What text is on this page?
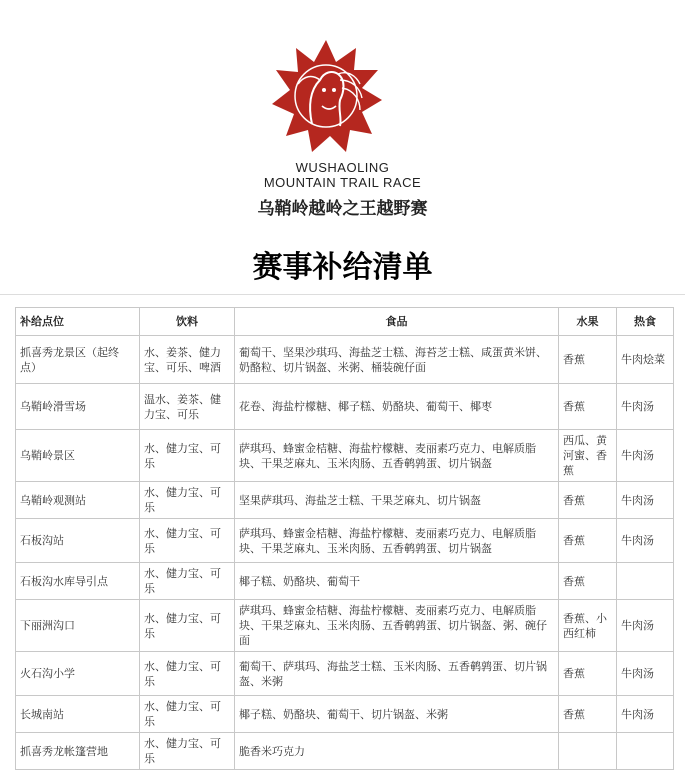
WUSHAOLING
MOUNTAIN TRAIL RACE
乌鞘岭越岭之王越野赛
赛事补给清单
补给点位	饮料	食品	水果	热食
抓喜秀龙景区（起终点）	水、姜茶、健力宝、可乐、啤酒	葡萄干、坚果沙琪玛、海盐芝士糕、海苔芝士糕、咸蛋黄米饼、奶酪粒、切片锅盔、米粥、桶装碗仔面	香蕉	牛肉烩菜
乌鞘岭滑雪场	温水、姜茶、健力宝、可乐	花卷、海盐柠檬糖、椰子糕、奶酪块、葡萄干、椰枣	香蕉	牛肉汤
乌鞘岭景区	水、健力宝、可乐	萨琪玛、蜂蜜金桔糖、海盐柠檬糖、麦丽素巧克力、电解质脂块、干果芝麻丸、玉米肉肠、五香鹌鹑蛋、切片锅盔	西瓜、黄河蜜、香蕉	牛肉汤
乌鞘岭观测站	水、健力宝、可乐	坚果萨琪玛、海盐芝士糕、干果芝麻丸、切片锅盔	香蕉	牛肉汤
石板沟站	水、健力宝、可乐	萨琪玛、蜂蜜金桔糖、海盐柠檬糖、麦丽素巧克力、电解质脂块、干果芝麻丸、玉米肉肠、五香鹌鹑蛋、切片锅盔	香蕉	牛肉汤
石板沟水库导引点	水、健力宝、可乐	椰子糕、奶酪块、葡萄干	香蕉	
下丽洲沟口	水、健力宝、可乐	萨琪玛、蜂蜜金桔糖、海盐柠檬糖、麦丽素巧克力、电解质脂块、干果芝麻丸、玉米肉肠、五香鹌鹑蛋、切片锅盔、粥、碗仔面	香蕉、小西红柿	牛肉汤
火石沟小学	水、健力宝、可乐	葡萄干、萨琪玛、海盐芝士糕、玉米肉肠、五香鹌鹑蛋、切片锅盔、米粥	香蕉	牛肉汤
长城南站	水、健力宝、可乐	椰子糕、奶酪块、葡萄干、切片锅盔、米粥	香蕉	牛肉汤
抓喜秀龙帐篷营地	水、健力宝、可乐	脆香米巧克力		
